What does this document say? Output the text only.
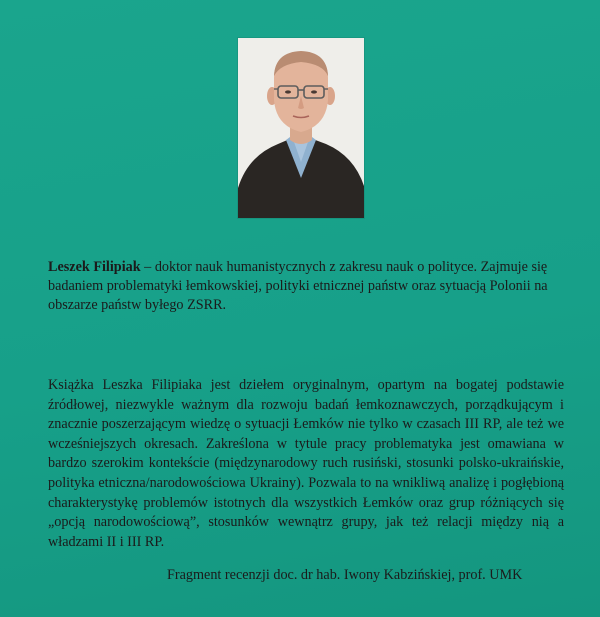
Leszek Filipiak – doktor nauk humanistycznych z zakresu nauk o polityce. Zajmuje się badaniem problematyki łemkowskiej, polityki etnicznej państw oraz sytuacją Polonii na obszarze państw byłego ZSRR.

Książka Leszka Filipiaka jest dziełem oryginalnym, opartym na bogatej podstawie źródłowej, niezwykle ważnym dla rozwoju badań łemkoznawczych, porządkującym i znacznie poszerzającym wiedzę o sytuacji Łemków nie tylko w czasach III RP, ale też we wcześniejszych okresach. Zakreślona w tytule pracy problematyka jest omawiana w bardzo szerokim kontekście (międzynarodowy ruch rusiński, stosunki polsko-ukraińskie, polityka etniczna/narodowościowa Ukrainy). Pozwala to na wnikliwą analizę i pogłębioną charakterystykę problemów istotnych dla wszystkich Łemków oraz grup różniących się „opcją narodowościową”, stosunków wewnątrz grupy, jak też relacji między nią a władzami II i III RP.

Fragment recenzji doc. dr hab. Iwony Kabzińskiej, prof. UMK
